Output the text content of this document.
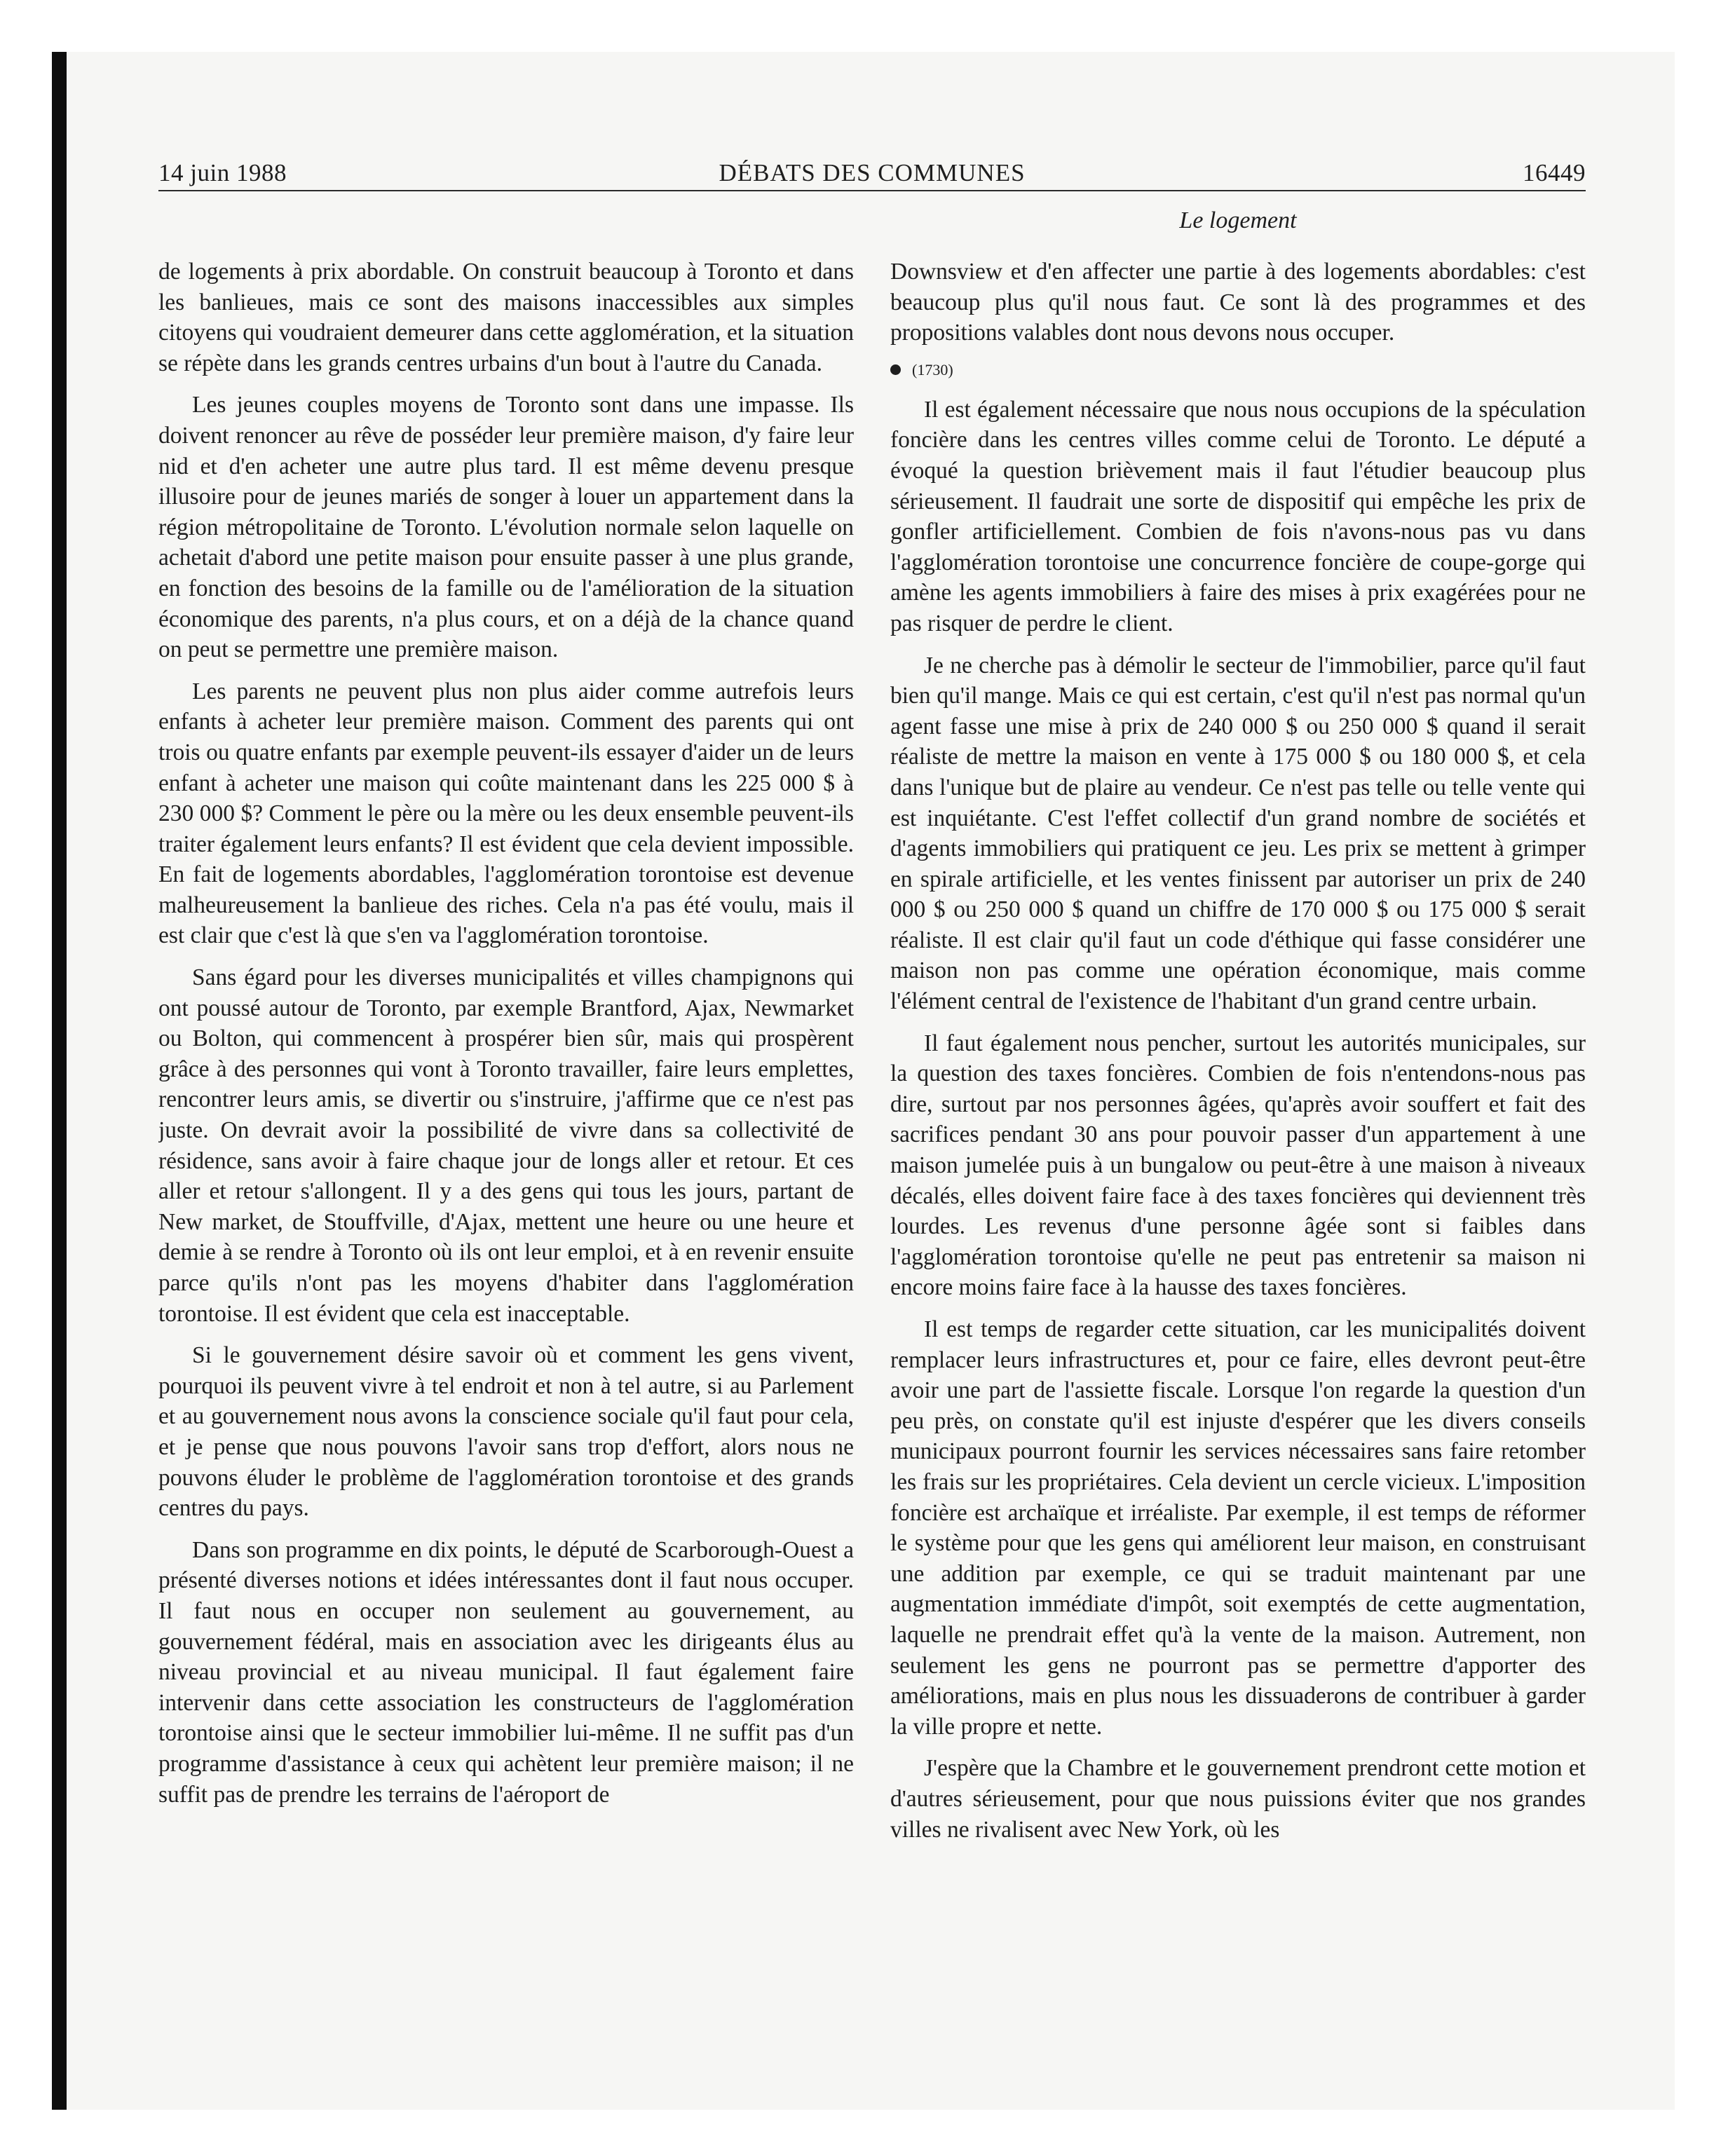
14 juin 1988	DÉBATS DES COMMUNES	16449
Le logement

de logements à prix abordable. On construit beaucoup à Toronto et dans les banlieues, mais ce sont des maisons inaccessibles aux simples citoyens qui voudraient demeurer dans cette agglomération, et la situation se répète dans les grands centres urbains d'un bout à l'autre du Canada.

Les jeunes couples moyens de Toronto sont dans une impasse. Ils doivent renoncer au rêve de posséder leur première maison, d'y faire leur nid et d'en acheter une autre plus tard. Il est même devenu presque illusoire pour de jeunes mariés de songer à louer un appartement dans la région métropolitaine de Toronto. L'évolution normale selon laquelle on achetait d'abord une petite maison pour ensuite passer à une plus grande, en fonction des besoins de la famille ou de l'amélioration de la situation économique des parents, n'a plus cours, et on a déjà de la chance quand on peut se permettre une première maison.

Les parents ne peuvent plus non plus aider comme autrefois leurs enfants à acheter leur première maison. Comment des parents qui ont trois ou quatre enfants par exemple peuvent-ils essayer d'aider un de leurs enfant à acheter une maison qui coûte maintenant dans les 225 000 $ à 230 000 $? Comment le père ou la mère ou les deux ensemble peuvent-ils traiter également leurs enfants? Il est évident que cela devient impossible. En fait de logements abordables, l'agglomération torontoise est devenue malheureusement la banlieue des riches. Cela n'a pas été voulu, mais il est clair que c'est là que s'en va l'agglomération torontoise.

Sans égard pour les diverses municipalités et villes champignons qui ont poussé autour de Toronto, par exemple Brantford, Ajax, Newmarket ou Bolton, qui commencent à prospérer bien sûr, mais qui prospèrent grâce à des personnes qui vont à Toronto travailler, faire leurs emplettes, rencontrer leurs amis, se divertir ou s'instruire, j'affirme que ce n'est pas juste. On devrait avoir la possibilité de vivre dans sa collectivité de résidence, sans avoir à faire chaque jour de longs aller et retour. Et ces aller et retour s'allongent. Il y a des gens qui tous les jours, partant de New market, de Stouffville, d'Ajax, mettent une heure ou une heure et demie à se rendre à Toronto où ils ont leur emploi, et à en revenir ensuite parce qu'ils n'ont pas les moyens d'habiter dans l'agglomération torontoise. Il est évident que cela est inacceptable.

Si le gouvernement désire savoir où et comment les gens vivent, pourquoi ils peuvent vivre à tel endroit et non à tel autre, si au Parlement et au gouvernement nous avons la conscience sociale qu'il faut pour cela, et je pense que nous pouvons l'avoir sans trop d'effort, alors nous ne pouvons éluder le problème de l'agglomération torontoise et des grands centres du pays.

Dans son programme en dix points, le député de Scarborough-Ouest a présenté diverses notions et idées intéressantes dont il faut nous occuper. Il faut nous en occuper non seulement au gouvernement, au gouvernement fédéral, mais en association avec les dirigeants élus au niveau provincial et au niveau municipal. Il faut également faire intervenir dans cette association les constructeurs de l'agglomération torontoise ainsi que le secteur immobilier lui-même. Il ne suffit pas d'un programme d'assistance à ceux qui achètent leur première maison; il ne suffit pas de prendre les terrains de l'aéroport de

Downsview et d'en affecter une partie à des logements abordables: c'est beaucoup plus qu'il nous faut. Ce sont là des programmes et des propositions valables dont nous devons nous occuper.

(1730)

Il est également nécessaire que nous nous occupions de la spéculation foncière dans les centres villes comme celui de Toronto. Le député a évoqué la question brièvement mais il faut l'étudier beaucoup plus sérieusement. Il faudrait une sorte de dispositif qui empêche les prix de gonfler artificiellement. Combien de fois n'avons-nous pas vu dans l'agglomération torontoise une concurrence foncière de coupe-gorge qui amène les agents immobiliers à faire des mises à prix exagérées pour ne pas risquer de perdre le client.

Je ne cherche pas à démolir le secteur de l'immobilier, parce qu'il faut bien qu'il mange. Mais ce qui est certain, c'est qu'il n'est pas normal qu'un agent fasse une mise à prix de 240 000 $ ou 250 000 $ quand il serait réaliste de mettre la maison en vente à 175 000 $ ou 180 000 $, et cela dans l'unique but de plaire au vendeur. Ce n'est pas telle ou telle vente qui est inquiétante. C'est l'effet collectif d'un grand nombre de sociétés et d'agents immobiliers qui pratiquent ce jeu. Les prix se mettent à grimper en spirale artificielle, et les ventes finissent par autoriser un prix de 240 000 $ ou 250 000 $ quand un chiffre de 170 000 $ ou 175 000 $ serait réaliste. Il est clair qu'il faut un code d'éthique qui fasse considérer une maison non pas comme une opération économique, mais comme l'élément central de l'existence de l'habitant d'un grand centre urbain.

Il faut également nous pencher, surtout les autorités municipales, sur la question des taxes foncières. Combien de fois n'entendons-nous pas dire, surtout par nos personnes âgées, qu'après avoir souffert et fait des sacrifices pendant 30 ans pour pouvoir passer d'un appartement à une maison jumelée puis à un bungalow ou peut-être à une maison à niveaux décalés, elles doivent faire face à des taxes foncières qui deviennent très lourdes. Les revenus d'une personne âgée sont si faibles dans l'agglomération torontoise qu'elle ne peut pas entretenir sa maison ni encore moins faire face à la hausse des taxes foncières.

Il est temps de regarder cette situation, car les municipalités doivent remplacer leurs infrastructures et, pour ce faire, elles devront peut-être avoir une part de l'assiette fiscale. Lorsque l'on regarde la question d'un peu près, on constate qu'il est injuste d'espérer que les divers conseils municipaux pourront fournir les services nécessaires sans faire retomber les frais sur les propriétaires. Cela devient un cercle vicieux. L'imposition foncière est archaïque et irréaliste. Par exemple, il est temps de réformer le système pour que les gens qui améliorent leur maison, en construisant une addition par exemple, ce qui se traduit maintenant par une augmentation immédiate d'impôt, soit exemptés de cette augmentation, laquelle ne prendrait effet qu'à la vente de la maison. Autrement, non seulement les gens ne pourront pas se permettre d'apporter des améliorations, mais en plus nous les dissuaderons de contribuer à garder la ville propre et nette.

J'espère que la Chambre et le gouvernement prendront cette motion et d'autres sérieusement, pour que nous puissions éviter que nos grandes villes ne rivalisent avec New York, où les
